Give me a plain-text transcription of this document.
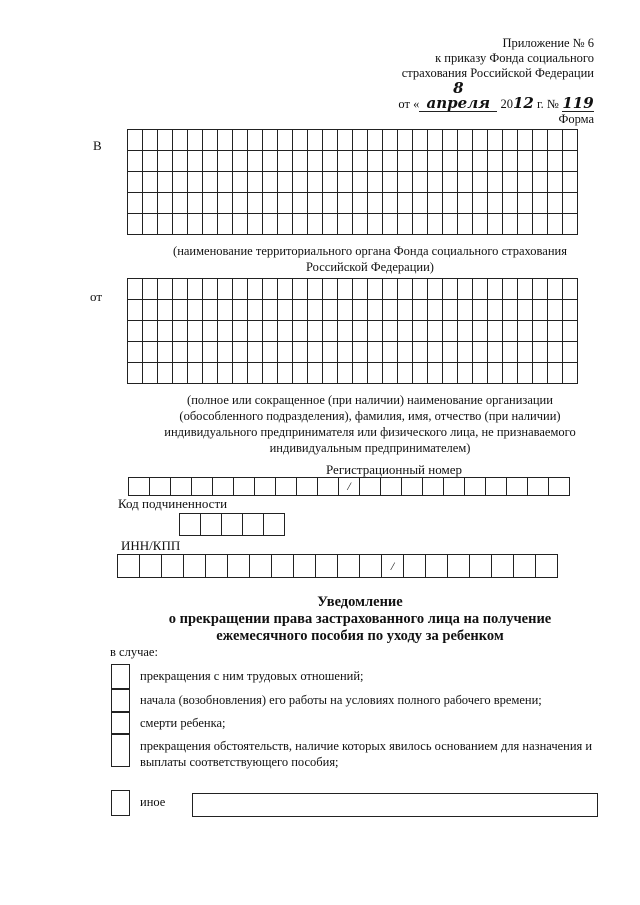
Приложение № 6
к приказу Фонда социального
страхования Российской Федерации
от «8 апреля 2012 г. № 119
Форма
В

(наименование территориального органа Фонда социального страхования
Российской Федерации)
от

(полное или сокращенное (при наличии) наименование организации
(обособленного подразделения), фамилия, имя, отчество (при наличии)
индивидуального предпринимателя или физического лица, не признаваемого
индивидуальным предпринимателем)
Регистрационный номер
										/										
Код подчиненности

ИНН/КПП
												/							
Уведомление
о прекращении права застрахованного лица на получение
ежемесячного пособия по уходу за ребенком
в случае:
прекращения с ним трудовых отношений;
начала (возобновления) его работы на условиях полного рабочего времени;
смерти ребенка;
прекращения обстоятельств, наличие которых явилось основанием для назначения и выплаты соответствующего пособия;
иное
